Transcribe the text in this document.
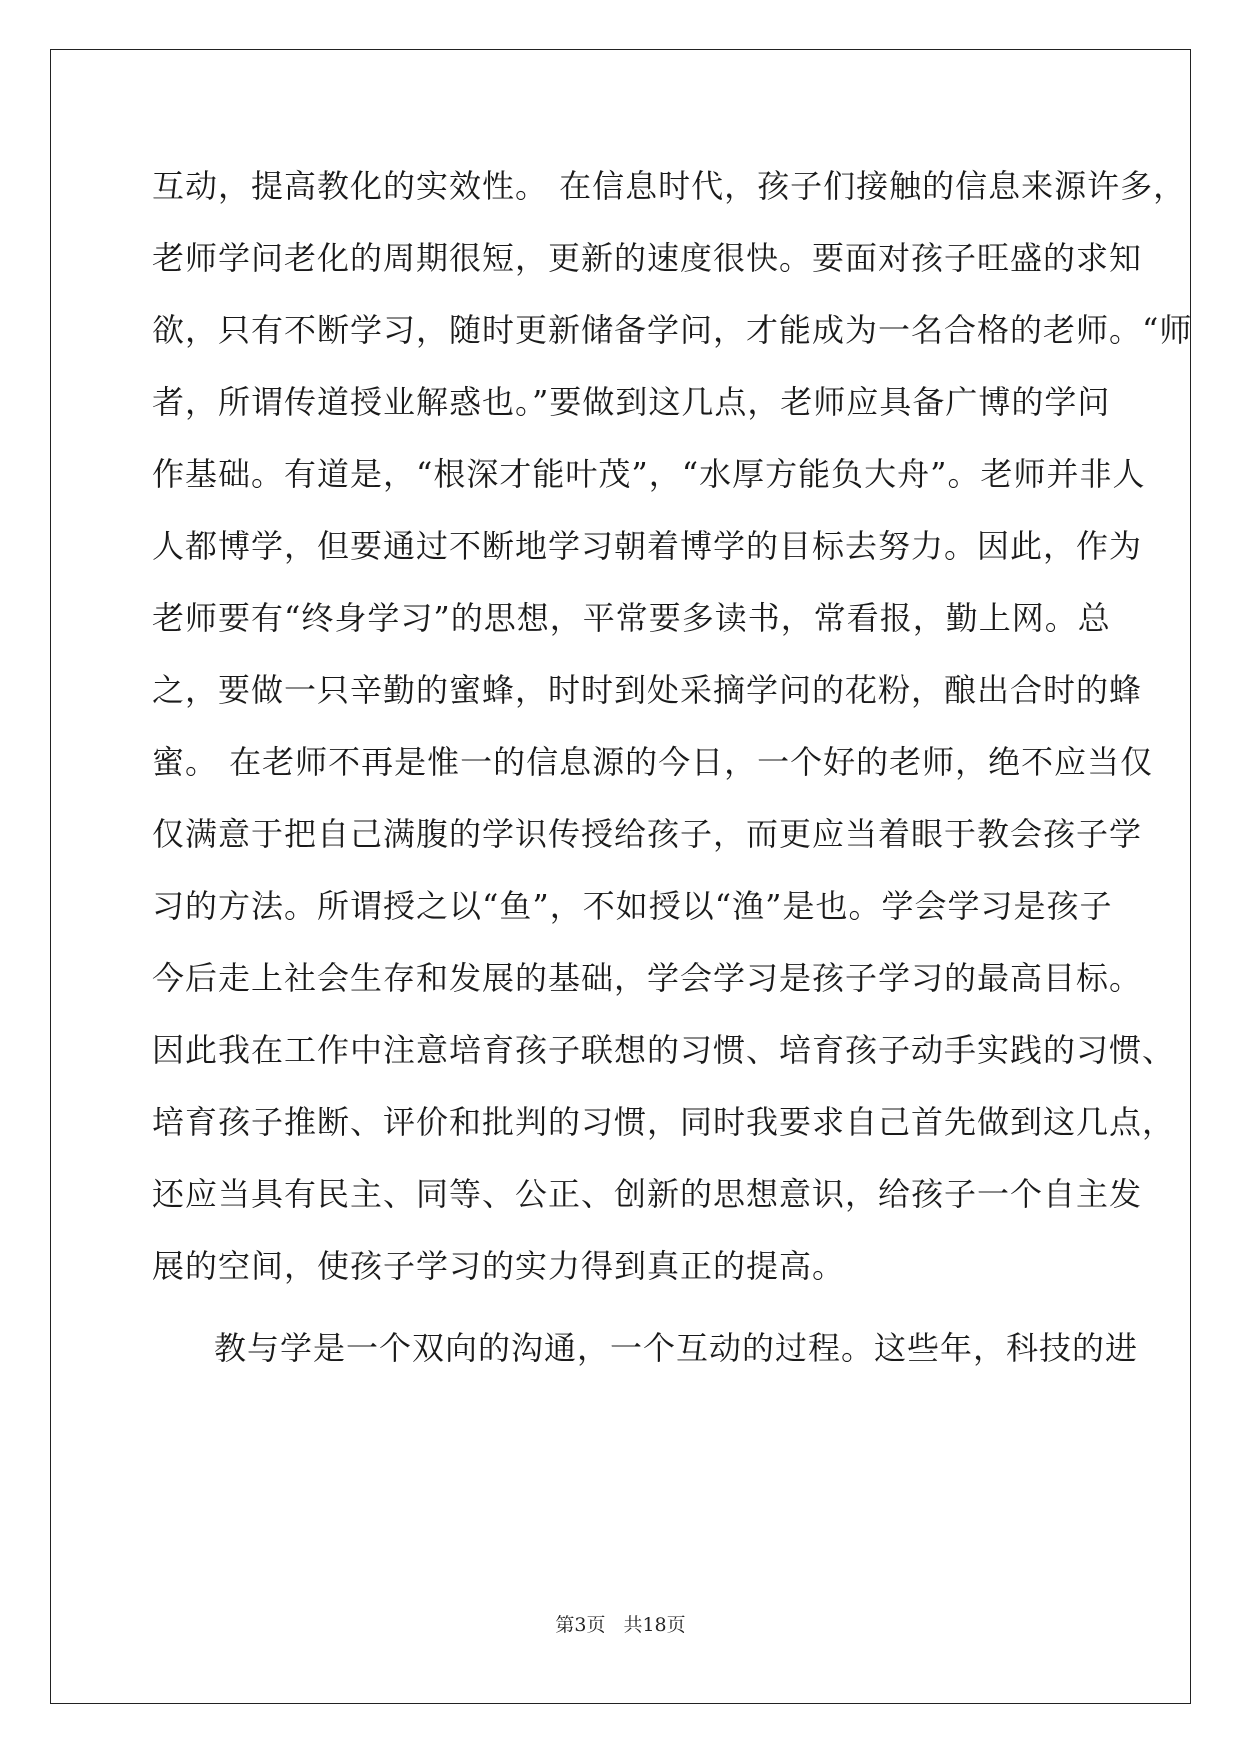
互动，提高教化的实效性。 在信息时代，孩子们接触的信息来源许多，
老师学问老化的周期很短，更新的速度很快。要面对孩子旺盛的求知
欲，只有不断学习，随时更新储备学问，才能成为一名合格的老师。“师
者，所谓传道授业解惑也。”要做到这几点，老师应具备广博的学问
作基础。有道是，“根深才能叶茂”，“水厚方能负大舟”。老师并非人
人都博学，但要通过不断地学习朝着博学的目标去努力。因此，作为
老师要有“终身学习”的思想，平常要多读书，常看报，勤上网。总
之，要做一只辛勤的蜜蜂，时时到处采摘学问的花粉，酿出合时的蜂
蜜。 在老师不再是惟一的信息源的今日，一个好的老师，绝不应当仅
仅满意于把自己满腹的学识传授给孩子，而更应当着眼于教会孩子学
习的方法。所谓授之以“鱼”，不如授以“渔”是也。学会学习是孩子
今后走上社会生存和发展的基础，学会学习是孩子学习的最高目标。
因此我在工作中注意培育孩子联想的习惯、培育孩子动手实践的习惯、
培育孩子推断、评价和批判的习惯，同时我要求自己首先做到这几点，
还应当具有民主、同等、公正、创新的思想意识，给孩子一个自主发
展的空间，使孩子学习的实力得到真正的提高。
教与学是一个双向的沟通，一个互动的过程。这些年，科技的进
第3页 共18页
